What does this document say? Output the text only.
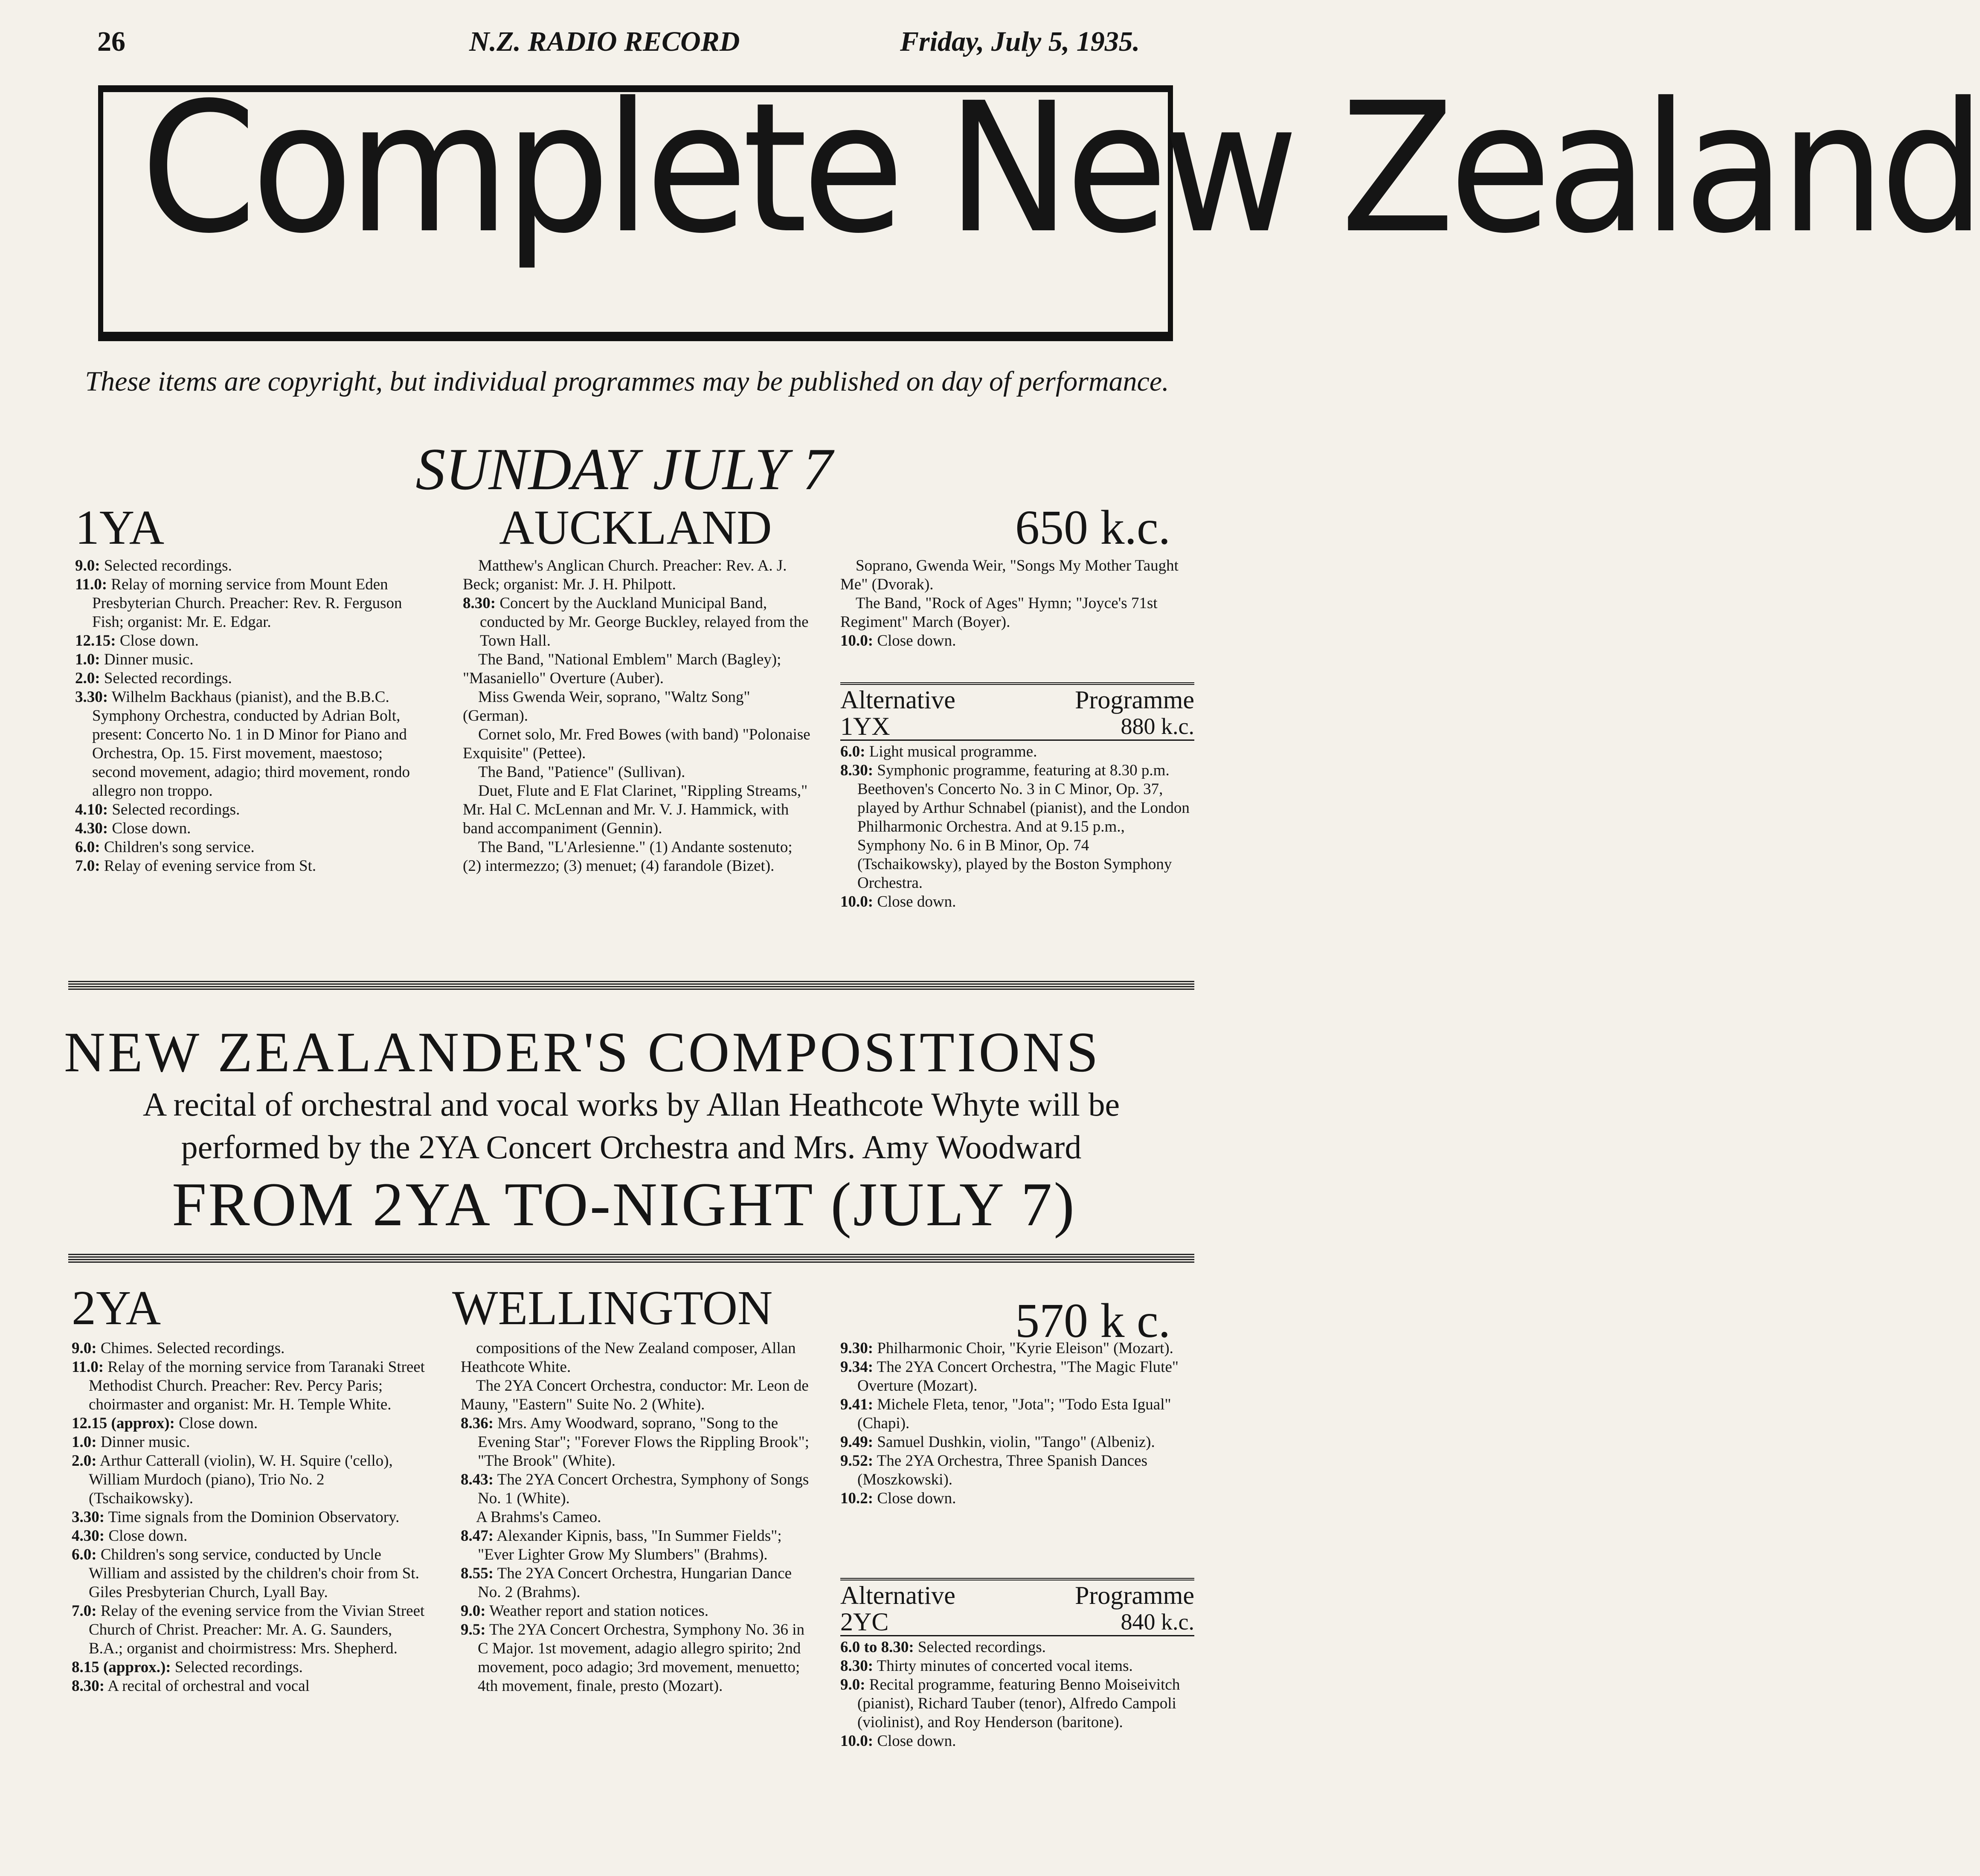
26	N.Z. RADIO RECORD	Friday, July 5, 1935.
Complete New Zealand
These items are copyright, but individual programmes may be published on day of performance.
SUNDAY JULY 7
1YA	AUCKLAND	650 k.c.

9.0: Selected recordings.

11.0: Relay of morning service from Mount Eden Presbyterian Church. Preacher: Rev. R. Ferguson Fish; organist: Mr. E. Edgar.

12.15: Close down.

1.0: Dinner music.

2.0: Selected recordings.

3.30: Wilhelm Backhaus (pianist), and the B.B.C. Symphony Orchestra, conducted by Adrian Bolt, present: Concerto No. 1 in D Minor for Piano and Orchestra, Op. 15. First movement, maestoso; second movement, adagio; third movement, rondo allegro non troppo.

4.10: Selected recordings.

4.30: Close down.

6.0: Children's song service.

7.0: Relay of evening service from St.

Matthew's Anglican Church. Preacher: Rev. A. J. Beck; organist: Mr. J. H. Philpott.

8.30: Concert by the Auckland Municipal Band, conducted by Mr. George Buckley, relayed from the Town Hall.

The Band, "National Emblem" March (Bagley); "Masaniello" Overture (Auber).

Miss Gwenda Weir, soprano, "Waltz Song" (German).

Cornet solo, Mr. Fred Bowes (with band) "Polonaise Exquisite" (Pettee).

The Band, "Patience" (Sullivan).

Duet, Flute and E Flat Clarinet, "Rippling Streams," Mr. Hal C. McLennan and Mr. V. J. Hammick, with band accompaniment (Gennin).

The Band, "L'Arlesienne." (1) Andante sostenuto; (2) intermezzo; (3) menuet; (4) farandole (Bizet).

Soprano, Gwenda Weir, "Songs My Mother Taught Me" (Dvorak).

The Band, "Rock of Ages" Hymn; "Joyce's 71st Regiment" March (Boyer).

10.0: Close down.

Alternative	Programme
1YX	880 k.c.

6.0: Light musical programme.

8.30: Symphonic programme, featuring at 8.30 p.m. Beethoven's Concerto No. 3 in C Minor, Op. 37, played by Arthur Schnabel (pianist), and the London Philharmonic Orchestra. And at 9.15 p.m., Symphony No. 6 in B Minor, Op. 74 (Tschaikowsky), played by the Boston Symphony Orchestra.

10.0: Close down.

NEW ZEALANDER'S COMPOSITIONS
A recital of orchestral and vocal works by Allan Heathcote Whyte will be performed by the 2YA Concert Orchestra and Mrs. Amy Woodward
FROM 2YA TO-NIGHT (JULY 7)
2YA	WELLINGTON	570 k c.

9.0: Chimes. Selected recordings.

11.0: Relay of the morning service from Taranaki Street Methodist Church. Preacher: Rev. Percy Paris; choirmaster and organist: Mr. H. Temple White.

12.15 (approx): Close down.

1.0: Dinner music.

2.0: Arthur Catterall (violin), W. H. Squire ('cello), William Murdoch (piano), Trio No. 2 (Tschaikowsky).

3.30: Time signals from the Dominion Observatory.

4.30: Close down.

6.0: Children's song service, conducted by Uncle William and assisted by the children's choir from St. Giles Presbyterian Church, Lyall Bay.

7.0: Relay of the evening service from the Vivian Street Church of Christ. Preacher: Mr. A. G. Saunders, B.A.; organist and choirmistress: Mrs. Shepherd.

8.15 (approx.): Selected recordings.

8.30: A recital of orchestral and vocal

compositions of the New Zealand composer, Allan Heathcote White.

The 2YA Concert Orchestra, conductor: Mr. Leon de Mauny, "Eastern" Suite No. 2 (White).

8.36: Mrs. Amy Woodward, soprano, "Song to the Evening Star"; "Forever Flows the Rippling Brook"; "The Brook" (White).

8.43: The 2YA Concert Orchestra, Symphony of Songs No. 1 (White).

A Brahms's Cameo.

8.47: Alexander Kipnis, bass, "In Summer Fields"; "Ever Lighter Grow My Slumbers" (Brahms).

8.55: The 2YA Concert Orchestra, Hungarian Dance No. 2 (Brahms).

9.0: Weather report and station notices.

9.5: The 2YA Concert Orchestra, Symphony No. 36 in C Major. 1st movement, adagio allegro spirito; 2nd movement, poco adagio; 3rd movement, menuetto; 4th movement, finale, presto (Mozart).

9.30: Philharmonic Choir, "Kyrie Eleison" (Mozart).

9.34: The 2YA Concert Orchestra, "The Magic Flute" Overture (Mozart).

9.41: Michele Fleta, tenor, "Jota"; "Todo Esta Igual" (Chapi).

9.49: Samuel Dushkin, violin, "Tango" (Albeniz).

9.52: The 2YA Orchestra, Three Spanish Dances (Moszkowski).

10.2: Close down.

Alternative	Programme
2YC	840 k.c.

6.0 to 8.30: Selected recordings.

8.30: Thirty minutes of concerted vocal items.

9.0: Recital programme, featuring Benno Moiseivitch (pianist), Richard Tauber (tenor), Alfredo Campoli (violinist), and Roy Henderson (baritone).

10.0: Close down.
